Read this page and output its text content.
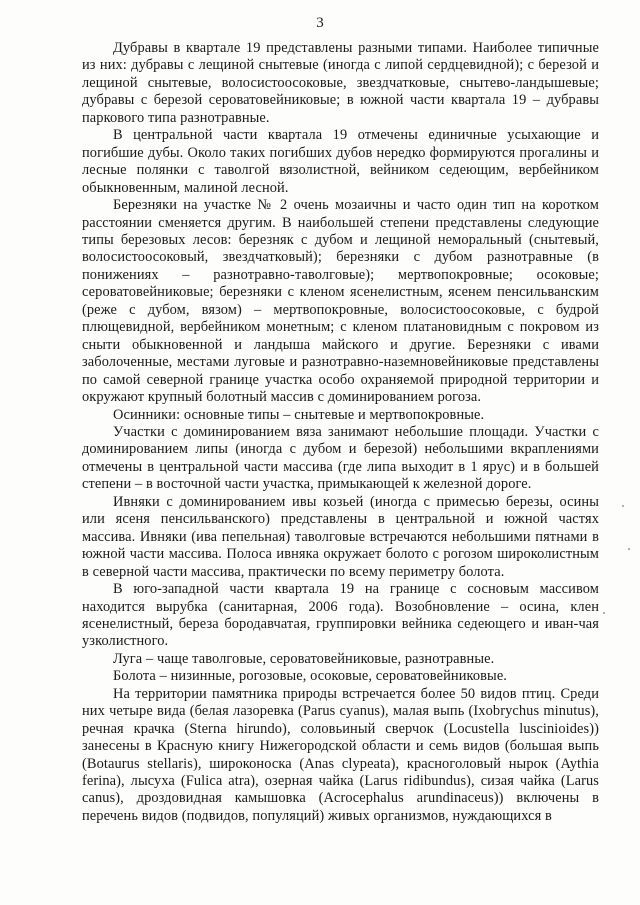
3

Дубравы в квартале 19 представлены разными типами. Наиболее типичные из них: дубравы с лещиной снытевые (иногда с липой сердцевидной); с березой и лещиной снытевые, волосистоосоковые, звездчатковые, снытево-ландышевые; дубравы с березой сероватовейниковые; в южной части квартала 19 – дубравы паркового типа разнотравные.

В центральной части квартала 19 отмечены единичные усыхающие и погибшие дубы. Около таких погибших дубов нередко формируются прогалины и лесные полянки с таволгой вязолистной, вейником седеющим, вербейником обыкновенным, малиной лесной.

Березняки на участке № 2 очень мозаичны и часто один тип на коротком расстоянии сменяется другим. В наибольшей степени представлены следующие типы березовых лесов: березняк с дубом и лещиной неморальный (снытевый, волосистоосоковый, звездчатковый); березняки с дубом разнотравные (в понижениях – разнотравно-таволговые); мертвопокровные; осоковые; сероватовейниковые; березняки с кленом ясенелистным, ясенем пенсильванским (реже с дубом, вязом) – мертвопокровные, волосистоосоковые, с будрой плющевидной, вербейником монетным; с кленом платановидным с покровом из сныти обыкновенной и ландыша майского и другие. Березняки с ивами заболоченные, местами луговые и разнотравно-наземновейниковые представлены по самой северной границе участка особо охраняемой природной территории и окружают крупный болотный массив с доминированием рогоза.

Осинники: основные типы – снытевые и мертвопокровные.

Участки с доминированием вяза занимают небольшие площади. Участки с доминированием липы (иногда с дубом и березой) небольшими вкраплениями отмечены в центральной части массива (где липа выходит в 1 ярус) и в большей степени – в восточной части участка, примыкающей к железной дороге.

Ивняки с доминированием ивы козьей (иногда с примесью березы, осины или ясеня пенсильванского) представлены в центральной и южной частях массива. Ивняки (ива пепельная) таволговые встречаются небольшими пятнами в южной части массива. Полоса ивняка окружает болото с рогозом широколистным в северной части массива, практически по всему периметру болота.

В юго-западной части квартала 19 на границе с сосновым массивом находится вырубка (санитарная, 2006 года). Возобновление – осина, клен ясенелистный, береза бородавчатая, группировки вейника седеющего и иван-чая узколистного.

Луга – чаще таволговые, сероватовейниковые, разнотравные.

Болота – низинные, рогозовые, осоковые, сероватовейниковые.

На территории памятника природы встречается более 50 видов птиц. Среди них четыре вида (белая лазоревка (Parus cyanus), малая выпь (Ixobrychus minutus), речная крачка (Sterna hirundo), соловьиный сверчок (Locustella luscinioides)) занесены в Красную книгу Нижегородской области и семь видов (большая выпь (Botaurus stellaris), широконоска (Anas clypeata), красноголовый нырок (Aythia ferina), лысуха (Fulica atra), озерная чайка (Larus ridibundus), сизая чайка (Larus canus), дроздовидная камышовка (Acrocephalus arundinaceus)) включены в перечень видов (подвидов, популяций) живых организмов, нуждающихся в
